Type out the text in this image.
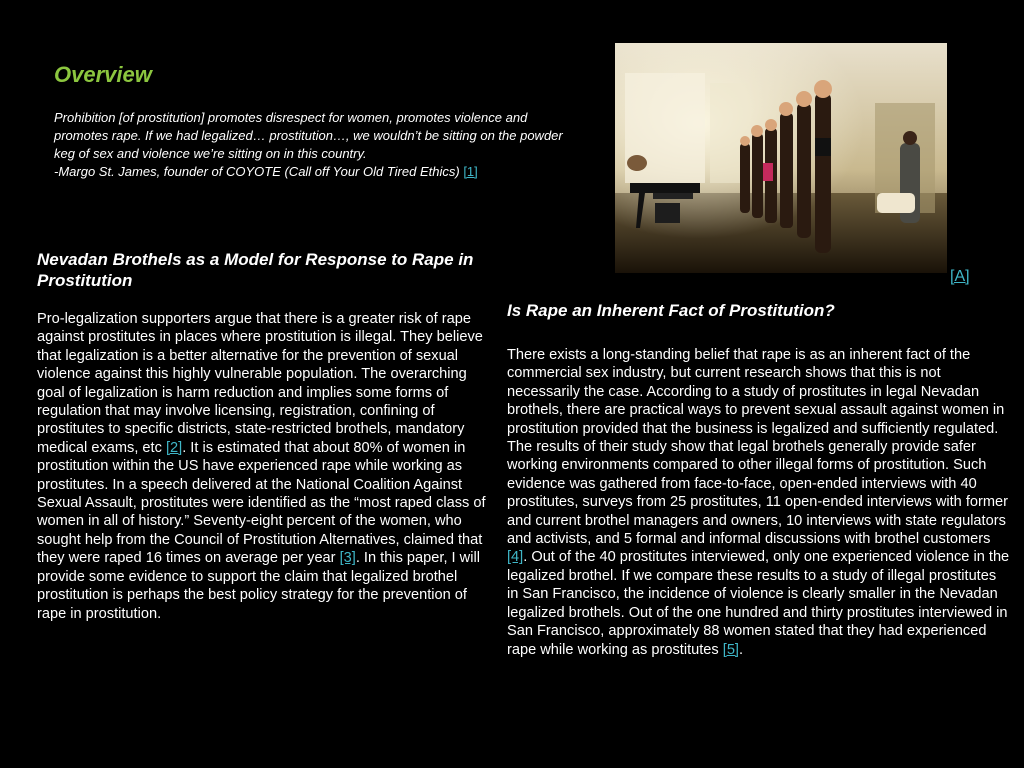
Overview

Prohibition [of prostitution] promotes disrespect for women, promotes violence and promotes rape. If we had legalized… prostitution…, we wouldn’t be sitting on the powder keg of sex and violence we’re sitting on in this country.

-Margo St. James, founder of COYOTE (Call off Your Old Tired Ethics) [1]

[A]
Nevadan Brothels as a Model for Response to Rape in Prostitution

Pro-legalization supporters argue that there is a greater risk of rape against prostitutes in places where prostitution is illegal. They believe that legalization is a better alternative for the prevention of sexual violence against this highly vulnerable population. The overarching goal of legalization is harm reduction and implies some forms of regulation that may involve licensing, registration, confining of prostitutes to specific districts, state-restricted brothels, mandatory medical exams, etc [2]. It is estimated that about 80% of women in prostitution within the US have experienced rape while working as prostitutes. In a speech delivered at the National Coalition Against Sexual Assault, prostitutes were identified as the “most raped class of women in all of history.” Seventy-eight percent of the women, who sought help from the Council of Prostitution Alternatives, claimed that they were raped 16 times on average per year [3]. In this paper, I will provide some evidence to support the claim that legalized brothel prostitution is perhaps the best policy strategy for the prevention of rape in prostitution.

Is Rape an Inherent Fact of Prostitution?

There exists a long-standing belief that rape is as an inherent fact of the commercial sex industry, but current research shows that this is not necessarily the case. According to a study of prostitutes in legal Nevadan brothels, there are practical ways to prevent sexual assault against women in prostitution provided that the business is legalized and sufficiently regulated. The results of their study show that legal brothels generally provide safer working environments compared to other illegal forms of prostitution. Such evidence was gathered from face-to-face, open-ended interviews with 40 prostitutes, surveys from 25 prostitutes, 11 open-ended interviews with former and current brothel managers and owners, 10 interviews with state regulators and activists, and 5 formal and informal discussions with brothel customers [4]. Out of the 40 prostitutes interviewed, only one experienced violence in the legalized brothel. If we compare these results to a study of illegal prostitutes in San Francisco, the incidence of violence is clearly smaller in the Nevadan legalized brothels. Out of the one hundred and thirty prostitutes interviewed in San Francisco, approximately 88 women stated that they had experienced rape while working as prostitutes [5].
